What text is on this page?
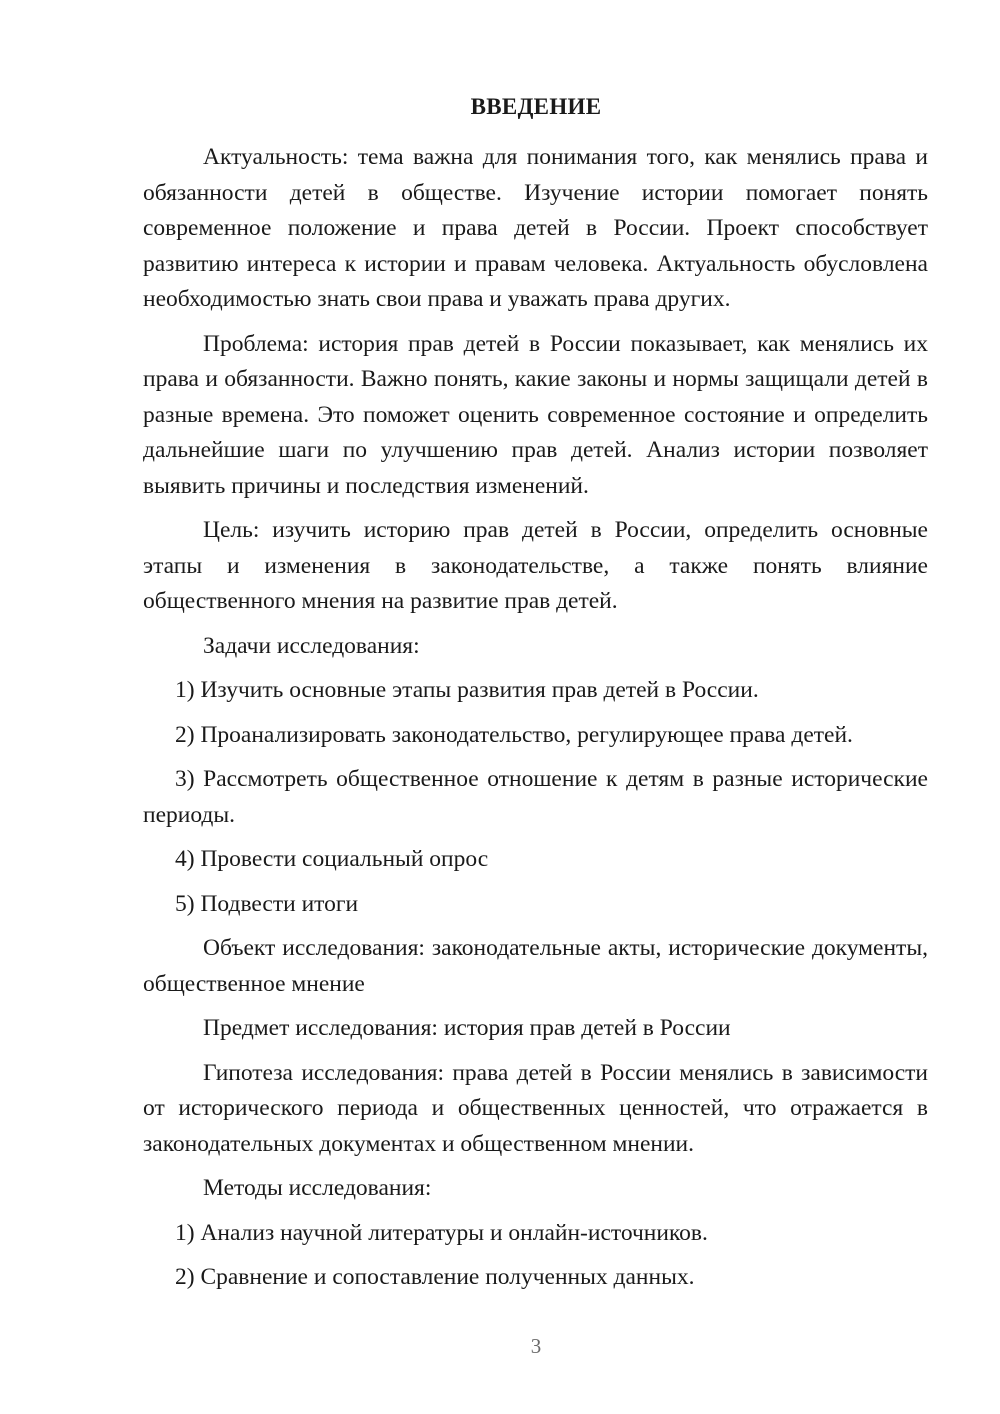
ВВЕДЕНИЕ

Актуальность: тема важна для понимания того, как менялись права и обязанности детей в обществе. Изучение истории помогает понять современное положение и права детей в России. Проект способствует развитию интереса к истории и правам человека. Актуальность обусловлена необходимостью знать свои права и уважать права других.

Проблема: история прав детей в России показывает, как менялись их права и обязанности. Важно понять, какие законы и нормы защищали детей в разные времена. Это поможет оценить современное состояние и определить дальнейшие шаги по улучшению прав детей. Анализ истории позволяет выявить причины и последствия изменений.

Цель: изучить историю прав детей в России, определить основные этапы и изменения в законодательстве, а также понять влияние общественного мнения на развитие прав детей.

Задачи исследования:

1) Изучить основные этапы развития прав детей в России.

2) Проанализировать законодательство, регулирующее права детей.

3) Рассмотреть общественное отношение к детям в разные исторические периоды.

4) Провести социальный опрос

5) Подвести итоги

Объект исследования: законодательные акты, исторические документы, общественное мнение

Предмет исследования: история прав детей в России

Гипотеза исследования: права детей в России менялись в зависимости от исторического периода и общественных ценностей, что отражается в законодательных документах и общественном мнении.

Методы исследования:

1) Анализ научной литературы и онлайн-источников.

2) Сравнение и сопоставление полученных данных.

3
